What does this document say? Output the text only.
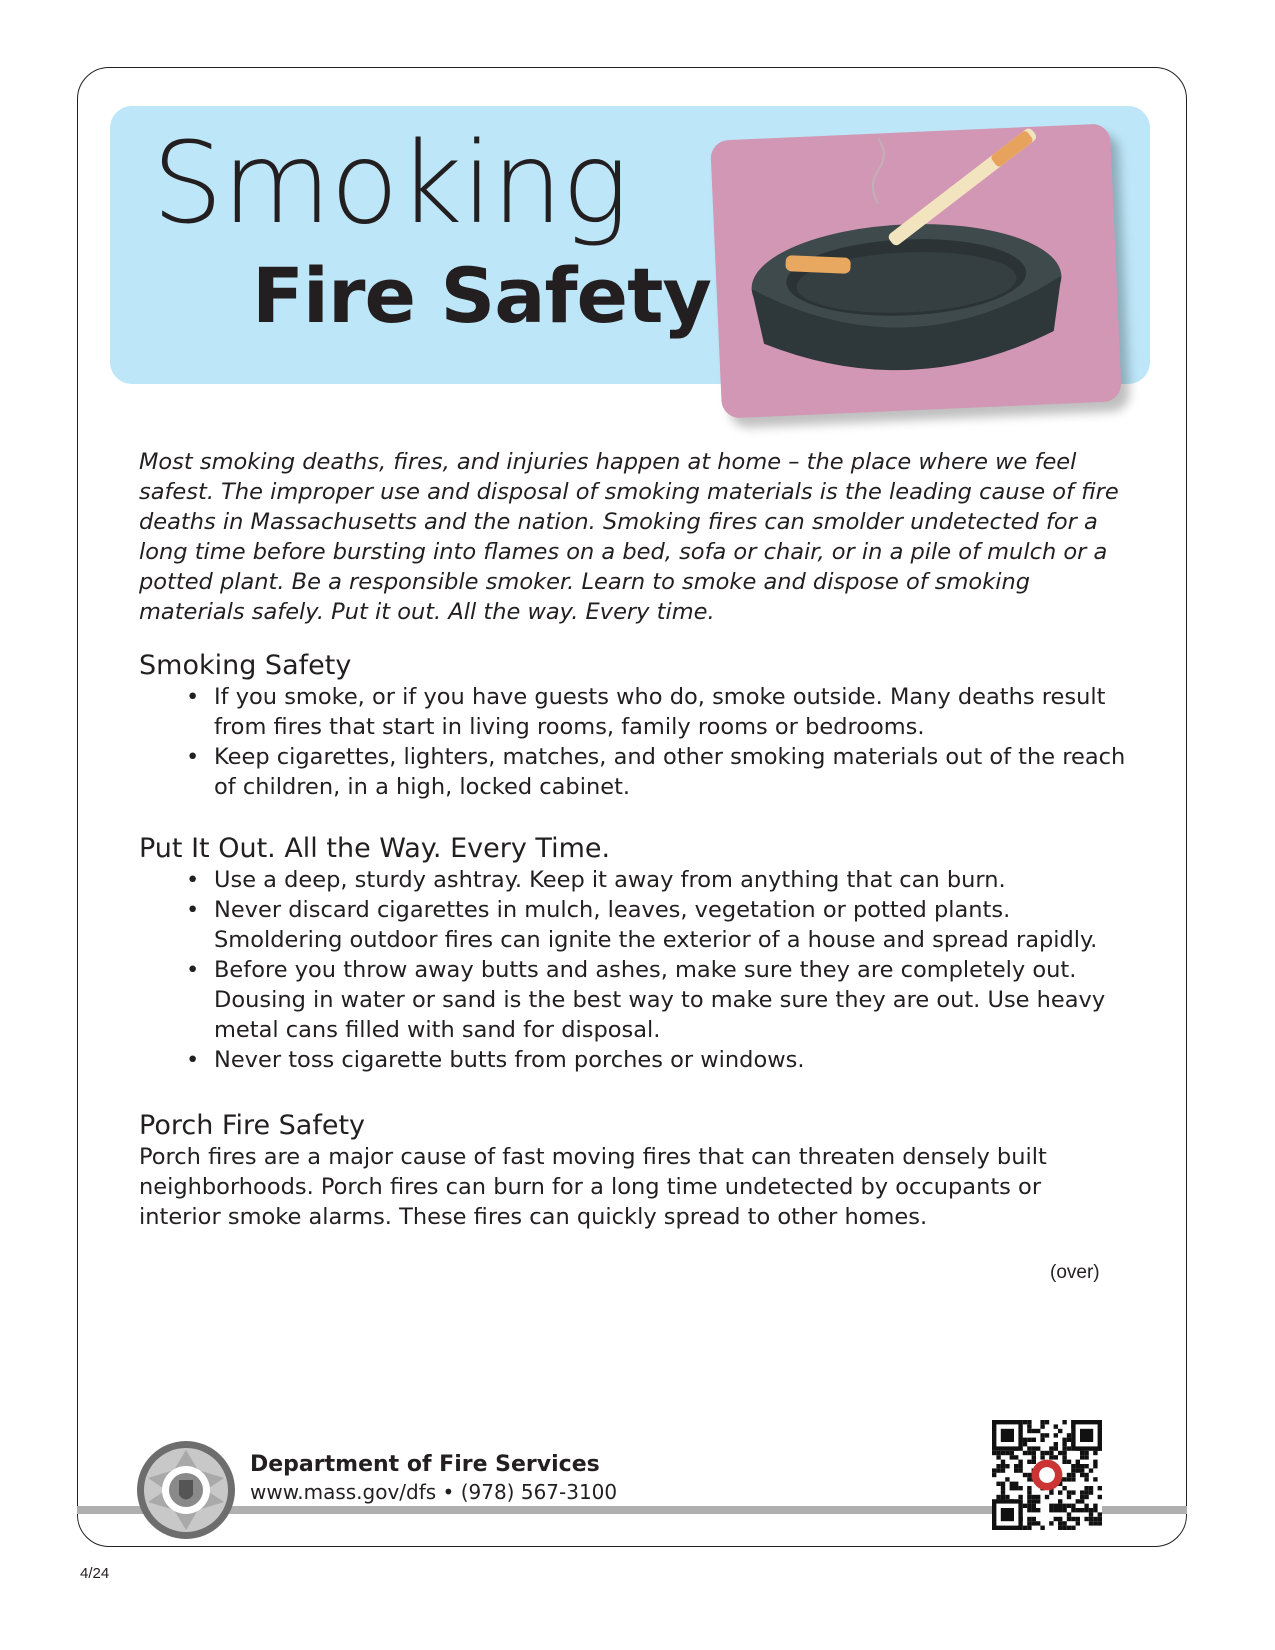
Smoking
Fire Safety
Most smoking deaths, fires, and injuries happen at home – the place where we feel safest. The improper use and disposal of smoking materials is the leading cause of fire deaths in Massachusetts and the nation. Smoking fires can smolder undetected for a long time before bursting into flames on a bed, sofa or chair, or in a pile of mulch or a potted plant. Be a responsible smoker. Learn to smoke and dispose of smoking materials safely. Put it out. All the way. Every time.
Smoking Safety
• If you smoke, or if you have guests who do, smoke outside. Many deaths result from fires that start in living rooms, family rooms or bedrooms.
• Keep cigarettes, lighters, matches, and other smoking materials out of the reach of children, in a high, locked cabinet.
Put It Out. All the Way. Every Time.
• Use a deep, sturdy ashtray. Keep it away from anything that can burn.
• Never discard cigarettes in mulch, leaves, vegetation or potted plants. Smoldering outdoor fires can ignite the exterior of a house and spread rapidly.
• Before you throw away butts and ashes, make sure they are completely out. Dousing in water or sand is the best way to make sure they are out. Use heavy metal cans filled with sand for disposal.
• Never toss cigarette butts from porches or windows.
Porch Fire Safety

Porch fires are a major cause of fast moving fires that can threaten densely built neighborhoods. Porch fires can burn for a long time undetected by occupants or interior smoke alarms. These fires can quickly spread to other homes.

(over)
Department of Fire Services
www.mass.gov/dfs • (978) 567-3100
4/24
